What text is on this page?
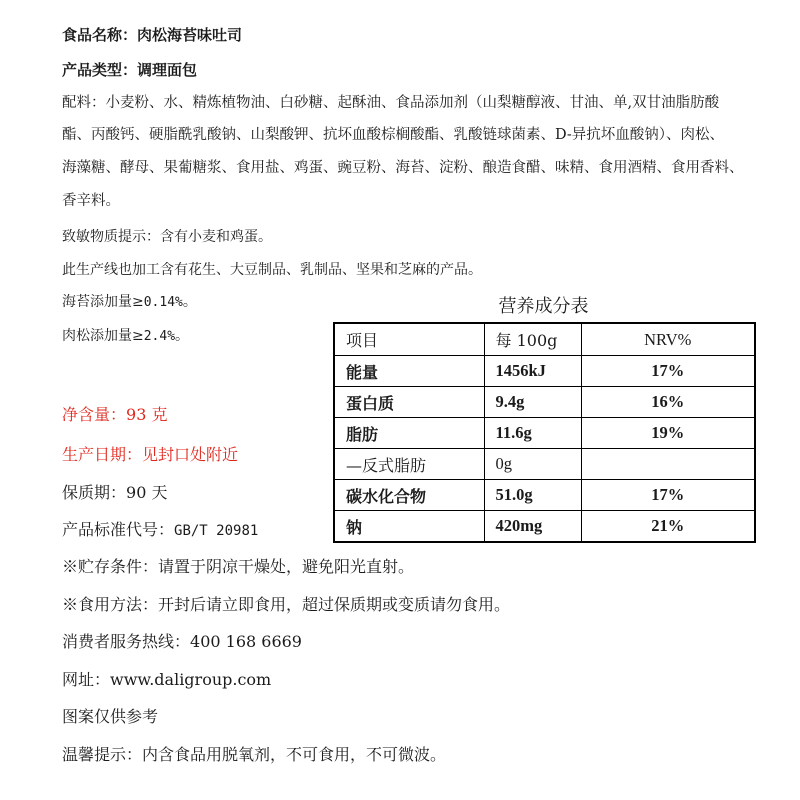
食品名称：肉松海苔味吐司
产品类型：调理面包
配料：小麦粉、水、精炼植物油、白砂糖、起酥油、食品添加剂（山梨糖醇液、甘油、单,双甘油脂肪酸
酯、丙酸钙、硬脂酰乳酸钠、山梨酸钾、抗坏血酸棕榈酸酯、乳酸链球菌素、D-异抗坏血酸钠）、肉松、
海藻糖、酵母、果葡糖浆、食用盐、鸡蛋、豌豆粉、海苔、淀粉、酿造食醋、味精、食用酒精、食用香料、
香辛料。
致敏物质提示：含有小麦和鸡蛋。
此生产线也加工含有花生、大豆制品、乳制品、坚果和芝麻的产品。
海苔添加量≥0.14%。
肉松添加量≥2.4%。
营养成分表
项目	每 100g	NRV%
能量	1456kJ	17%
蛋白质	9.4g	16%
脂肪	11.6g	19%
—反式脂肪	0g	
碳水化合物	51.0g	17%
钠	420mg	21%
净含量：93 克
生产日期：见封口处附近
保质期：90 天
产品标准代号：GB/T 20981
※贮存条件：请置于阴凉干燥处，避免阳光直射。
※食用方法：开封后请立即食用，超过保质期或变质请勿食用。
消费者服务热线：400 168 6669
网址：www.daligroup.com
图案仅供参考
温馨提示：内含食品用脱氧剂，不可食用，不可微波。
